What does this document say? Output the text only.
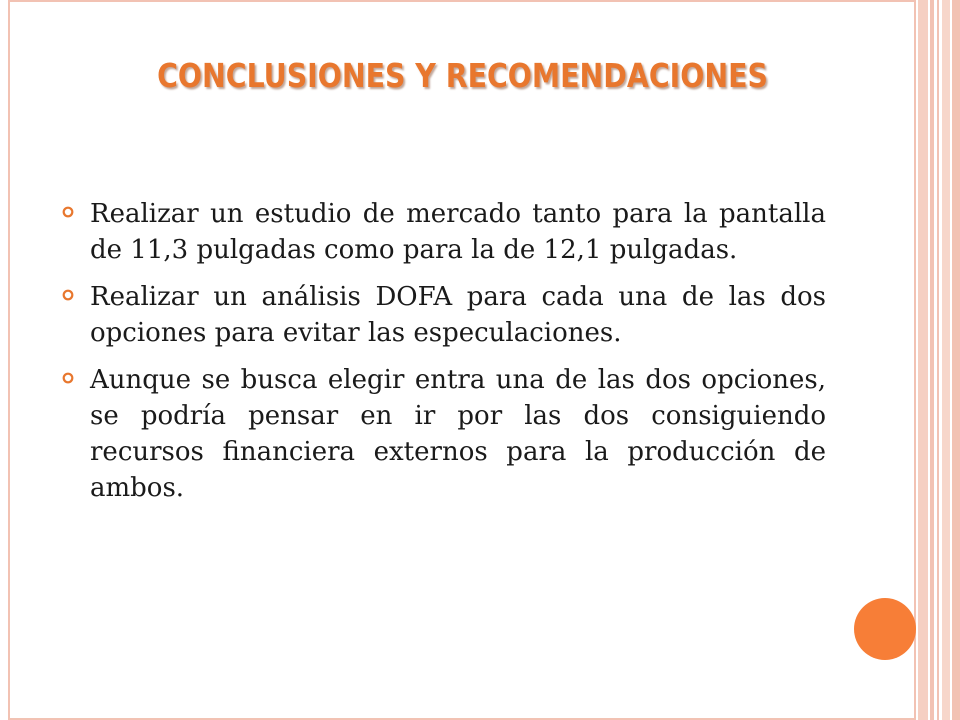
CONCLUSIONES Y RECOMENDACIONES
Realizar un estudio de mercado tanto para la pantalla de 11,3 pulgadas como para la de 12,1 pulgadas.
Realizar un análisis DOFA para cada una de las dos opciones para evitar las especulaciones.
Aunque se busca elegir entra una de las dos opciones, se podría pensar en ir por las dos consiguiendo recursos financiera externos para la producción de ambos.
